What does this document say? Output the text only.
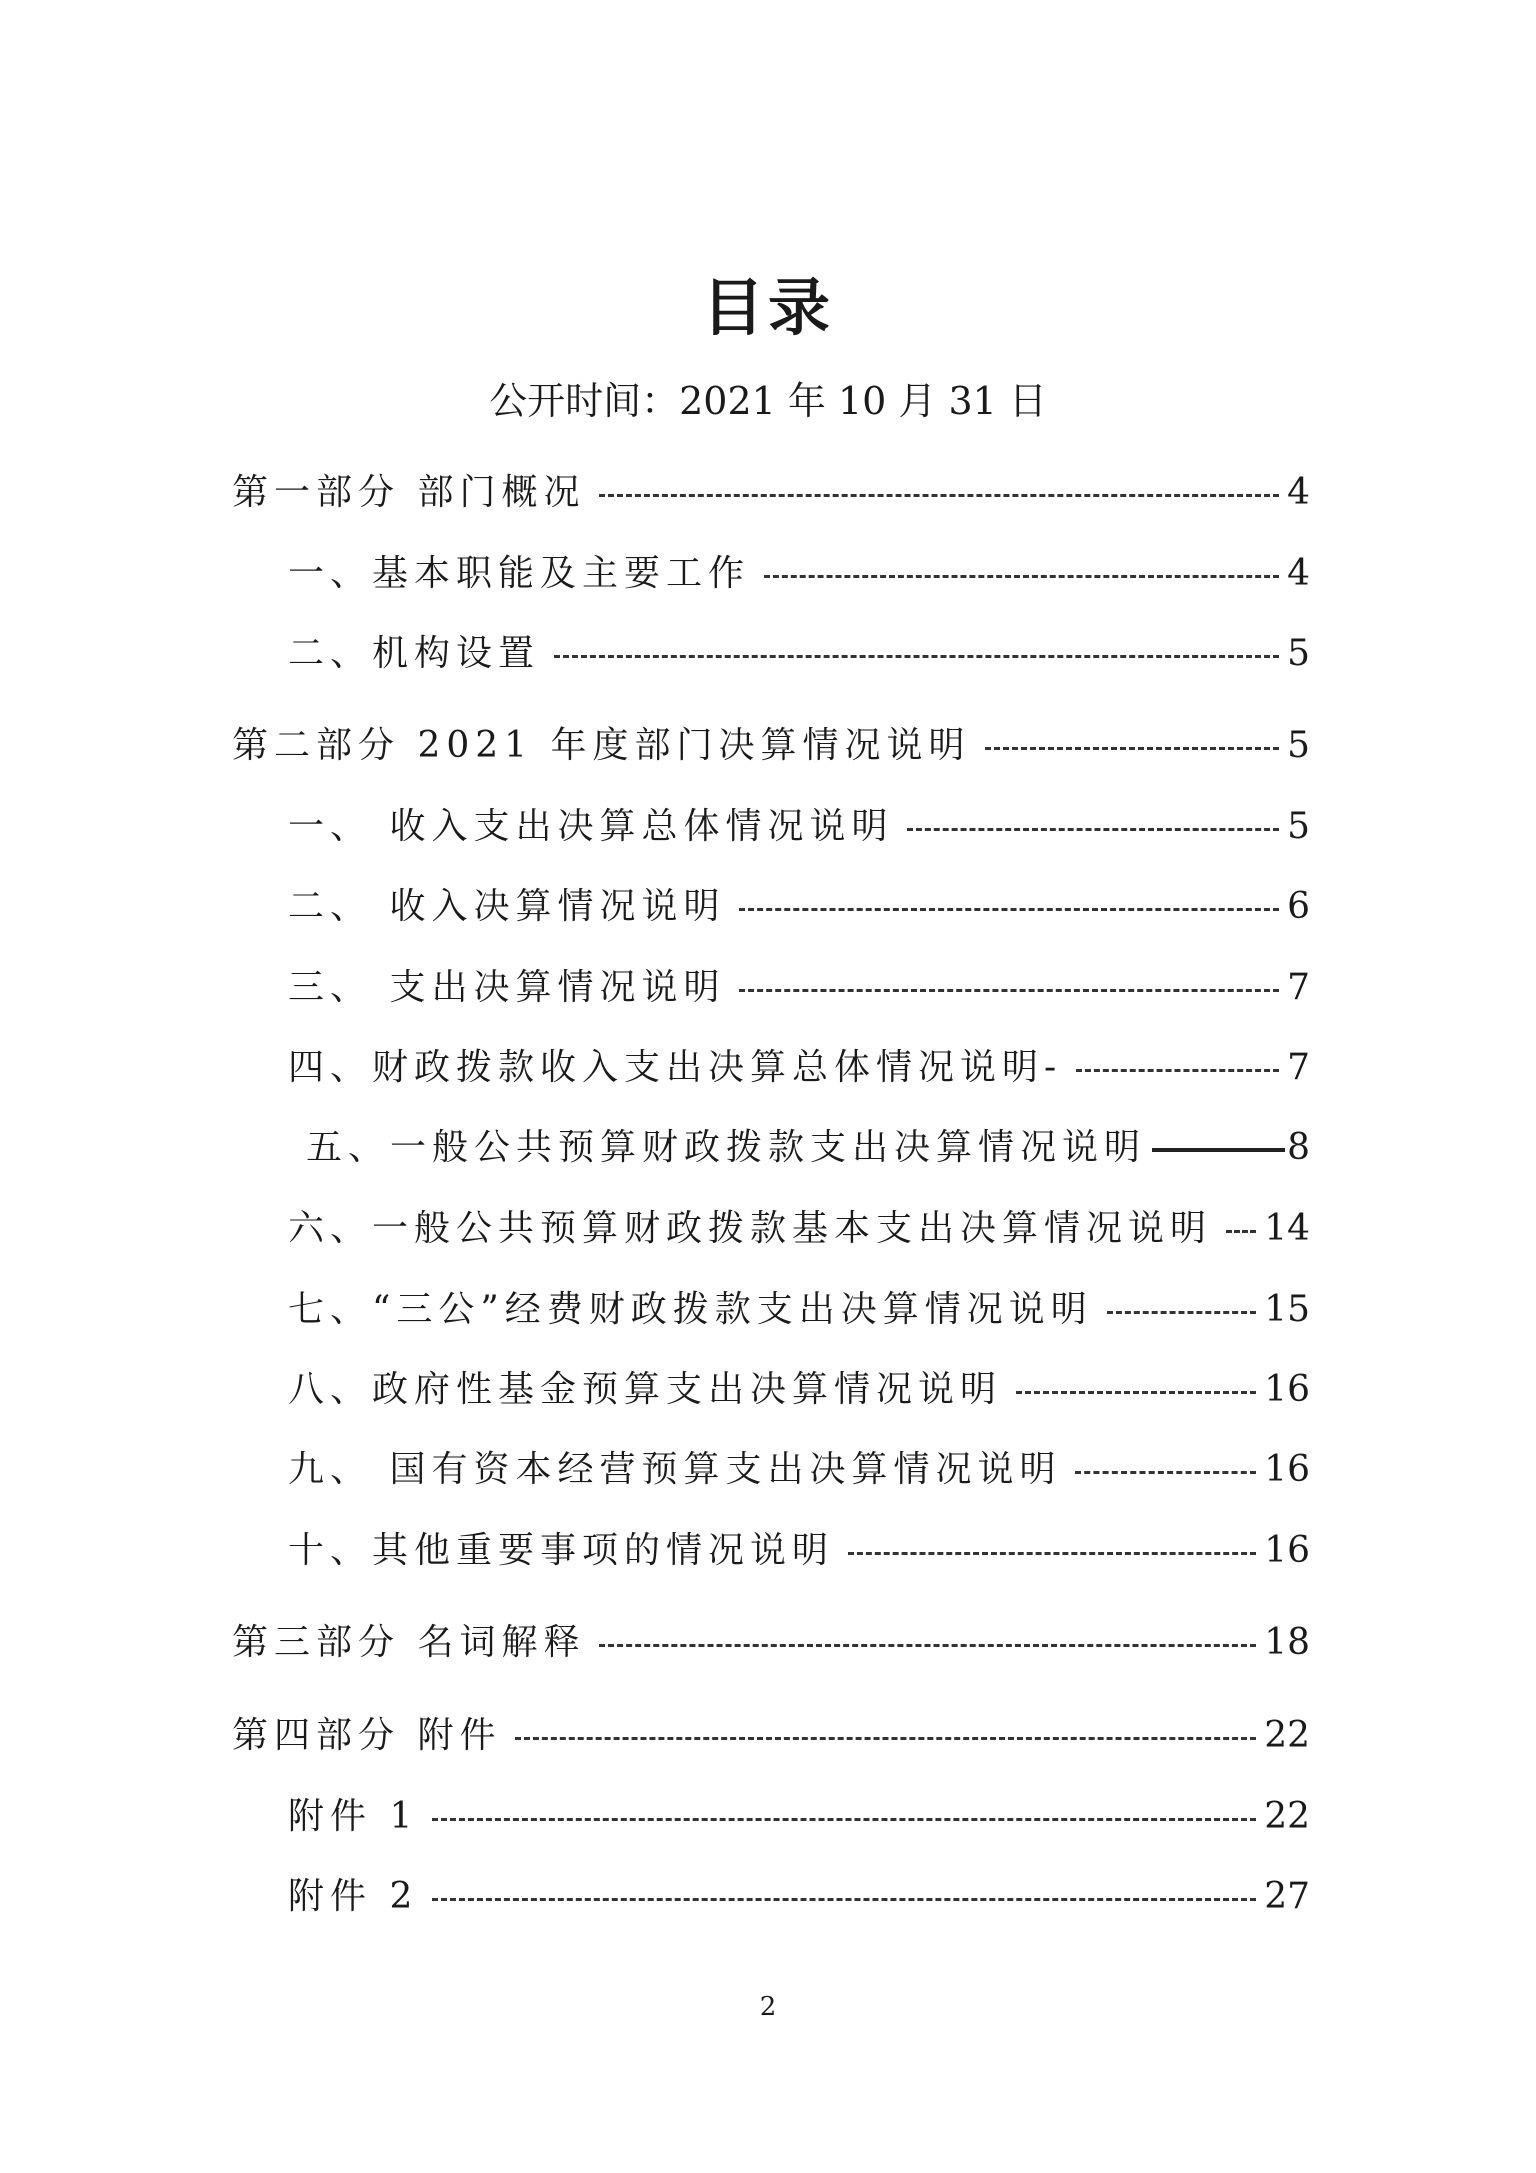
目录
公开时间：2021 年 10 月 31 日
第一部分 部门概况	4
一、基本职能及主要工作	4
二、机构设置	5
第二部分 2021 年度部门决算情况说明	5
一、 收入支出决算总体情况说明	5
二、 收入决算情况说明	6
三、 支出决算情况说明	7
四、财政拨款收入支出决算总体情况说明-	7
五、一般公共预算财政拨款支出决算情况说明	8
六、一般公共预算财政拨款基本支出决算情况说明 14
七、“三公”经费财政拨款支出决算情况说明	15
八、政府性基金预算支出决算情况说明	16
九、 国有资本经营预算支出决算情况说明	16
十、其他重要事项的情况说明	16
第三部分 名词解释	18
第四部分 附件	22
附件 1	22
附件 2	27
2
